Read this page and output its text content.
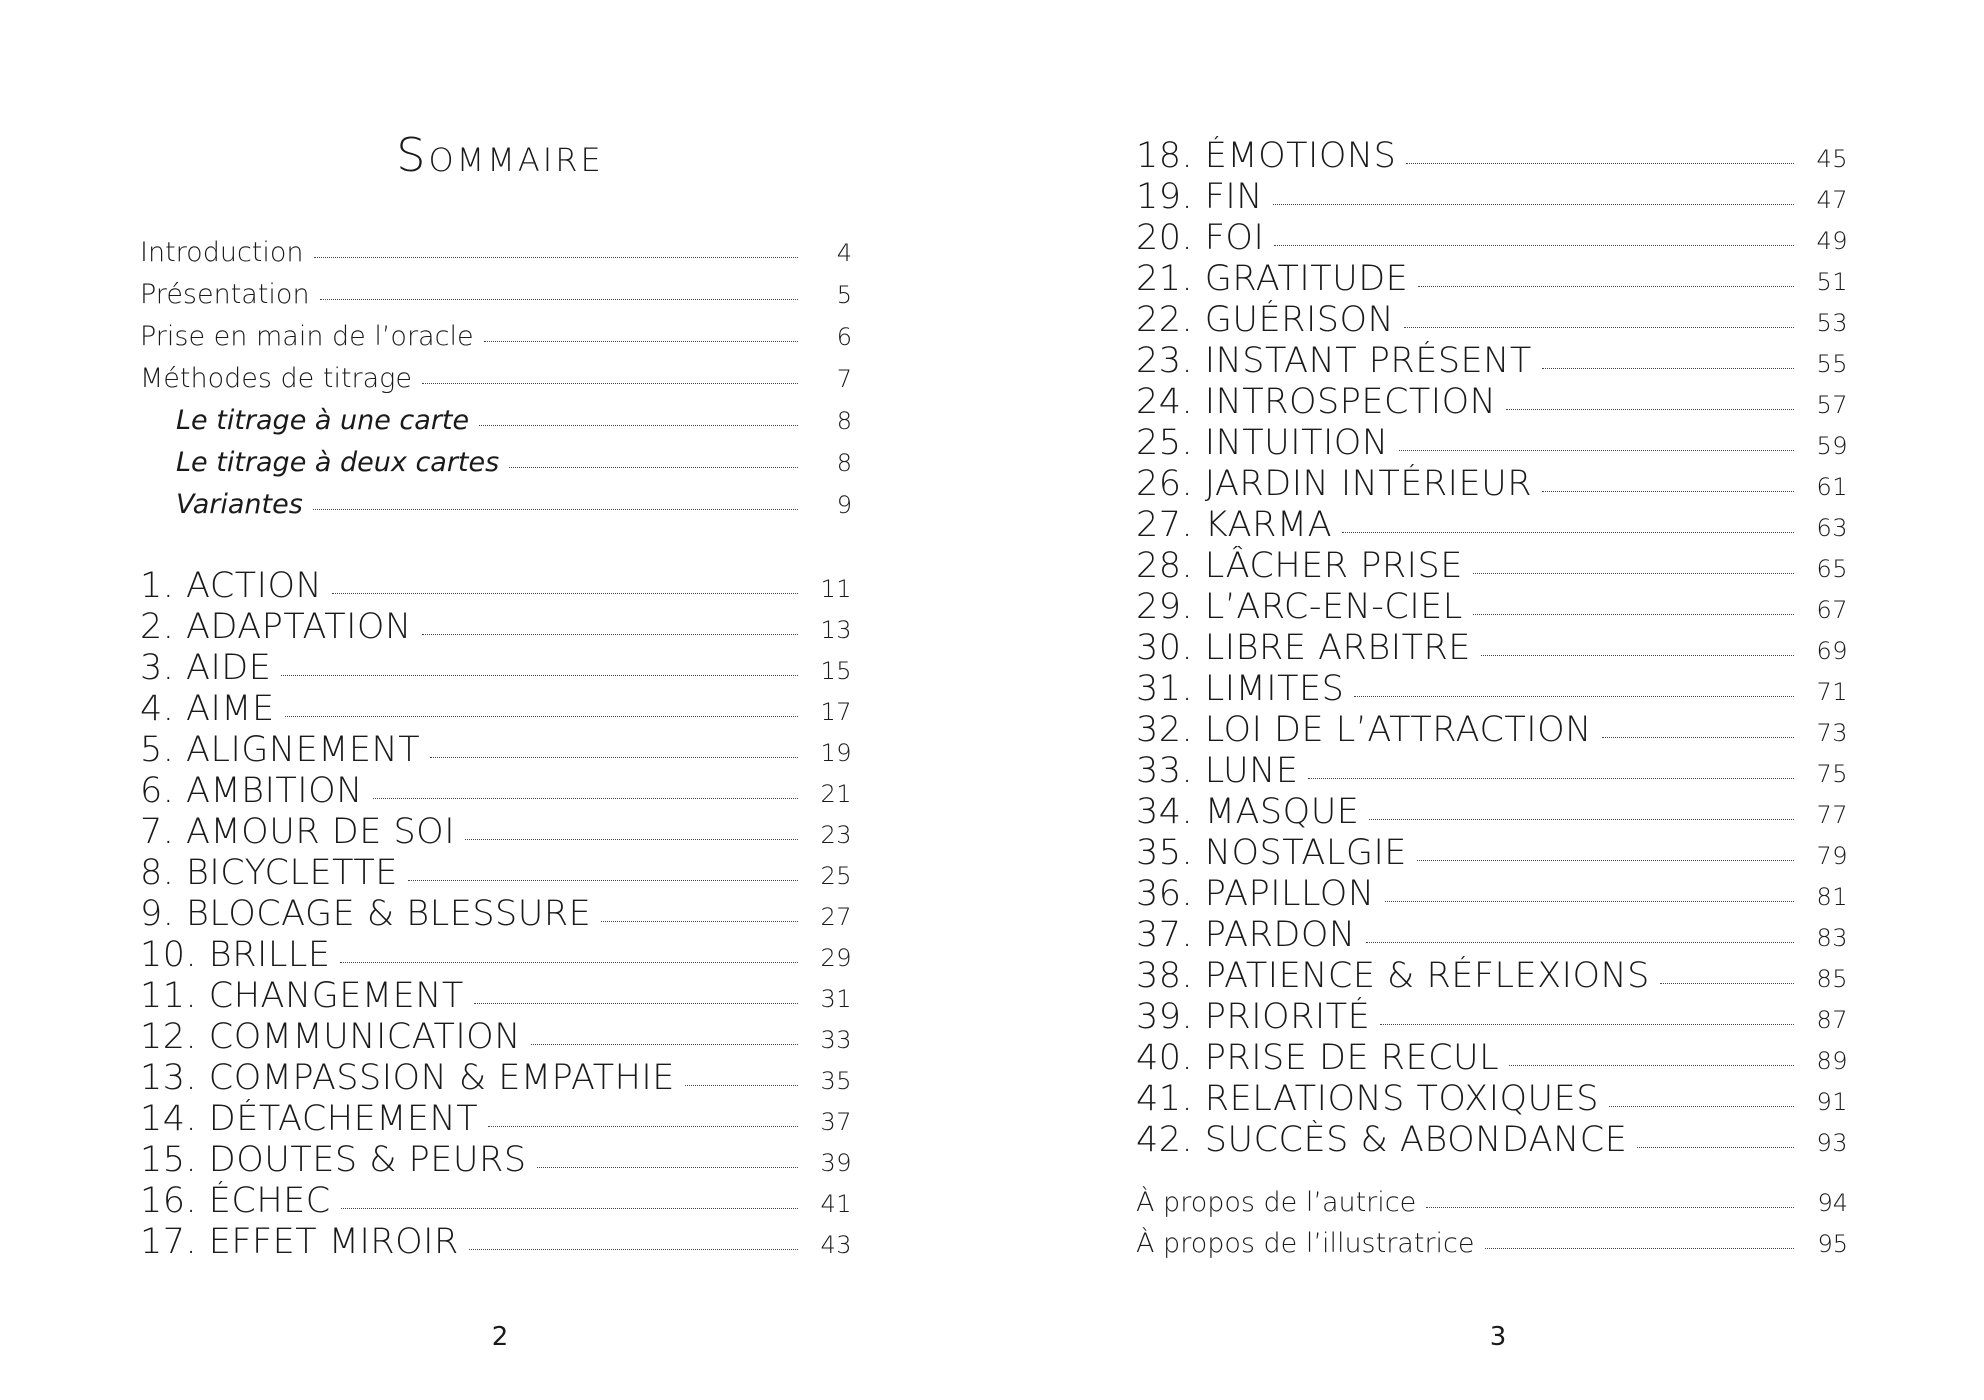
Sommaire
Introduction	4
Présentation	5
Prise en main de l’oracle	6
Méthodes de titrage	7
Le titrage à une carte	8
Le titrage à deux cartes	8
Variantes	9
1. ACTION	11
2. ADAPTATION	13
3. AIDE	15
4. AIME	17
5. ALIGNEMENT	19
6. AMBITION	21
7. AMOUR DE SOI	23
8. BICYCLETTE	25
9. BLOCAGE & BLESSURE	27
10. BRILLE	29
11. CHANGEMENT	31
12. COMMUNICATION	33
13. COMPASSION & EMPATHIE	35
14. DÉTACHEMENT	37
15. DOUTES & PEURS	39
16. ÉCHEC	41
17. EFFET MIROIR	43
2
18. ÉMOTIONS	45
19. FIN	47
20. FOI	49
21. GRATITUDE	51
22. GUÉRISON	53
23. INSTANT PRÉSENT	55
24. INTROSPECTION	57
25. INTUITION	59
26. JARDIN INTÉRIEUR	61
27. KARMA	63
28. LÂCHER PRISE	65
29. L’ARC-EN-CIEL	67
30. LIBRE ARBITRE	69
31. LIMITES	71
32. LOI DE L’ATTRACTION	73
33. LUNE	75
34. MASQUE	77
35. NOSTALGIE	79
36. PAPILLON	81
37. PARDON	83
38. PATIENCE & RÉFLEXIONS	85
39. PRIORITÉ	87
40. PRISE DE RECUL	89
41. RELATIONS TOXIQUES	91
42. SUCCÈS & ABONDANCE	93
À propos de l’autrice	94
À propos de l’illustratrice	95
3
